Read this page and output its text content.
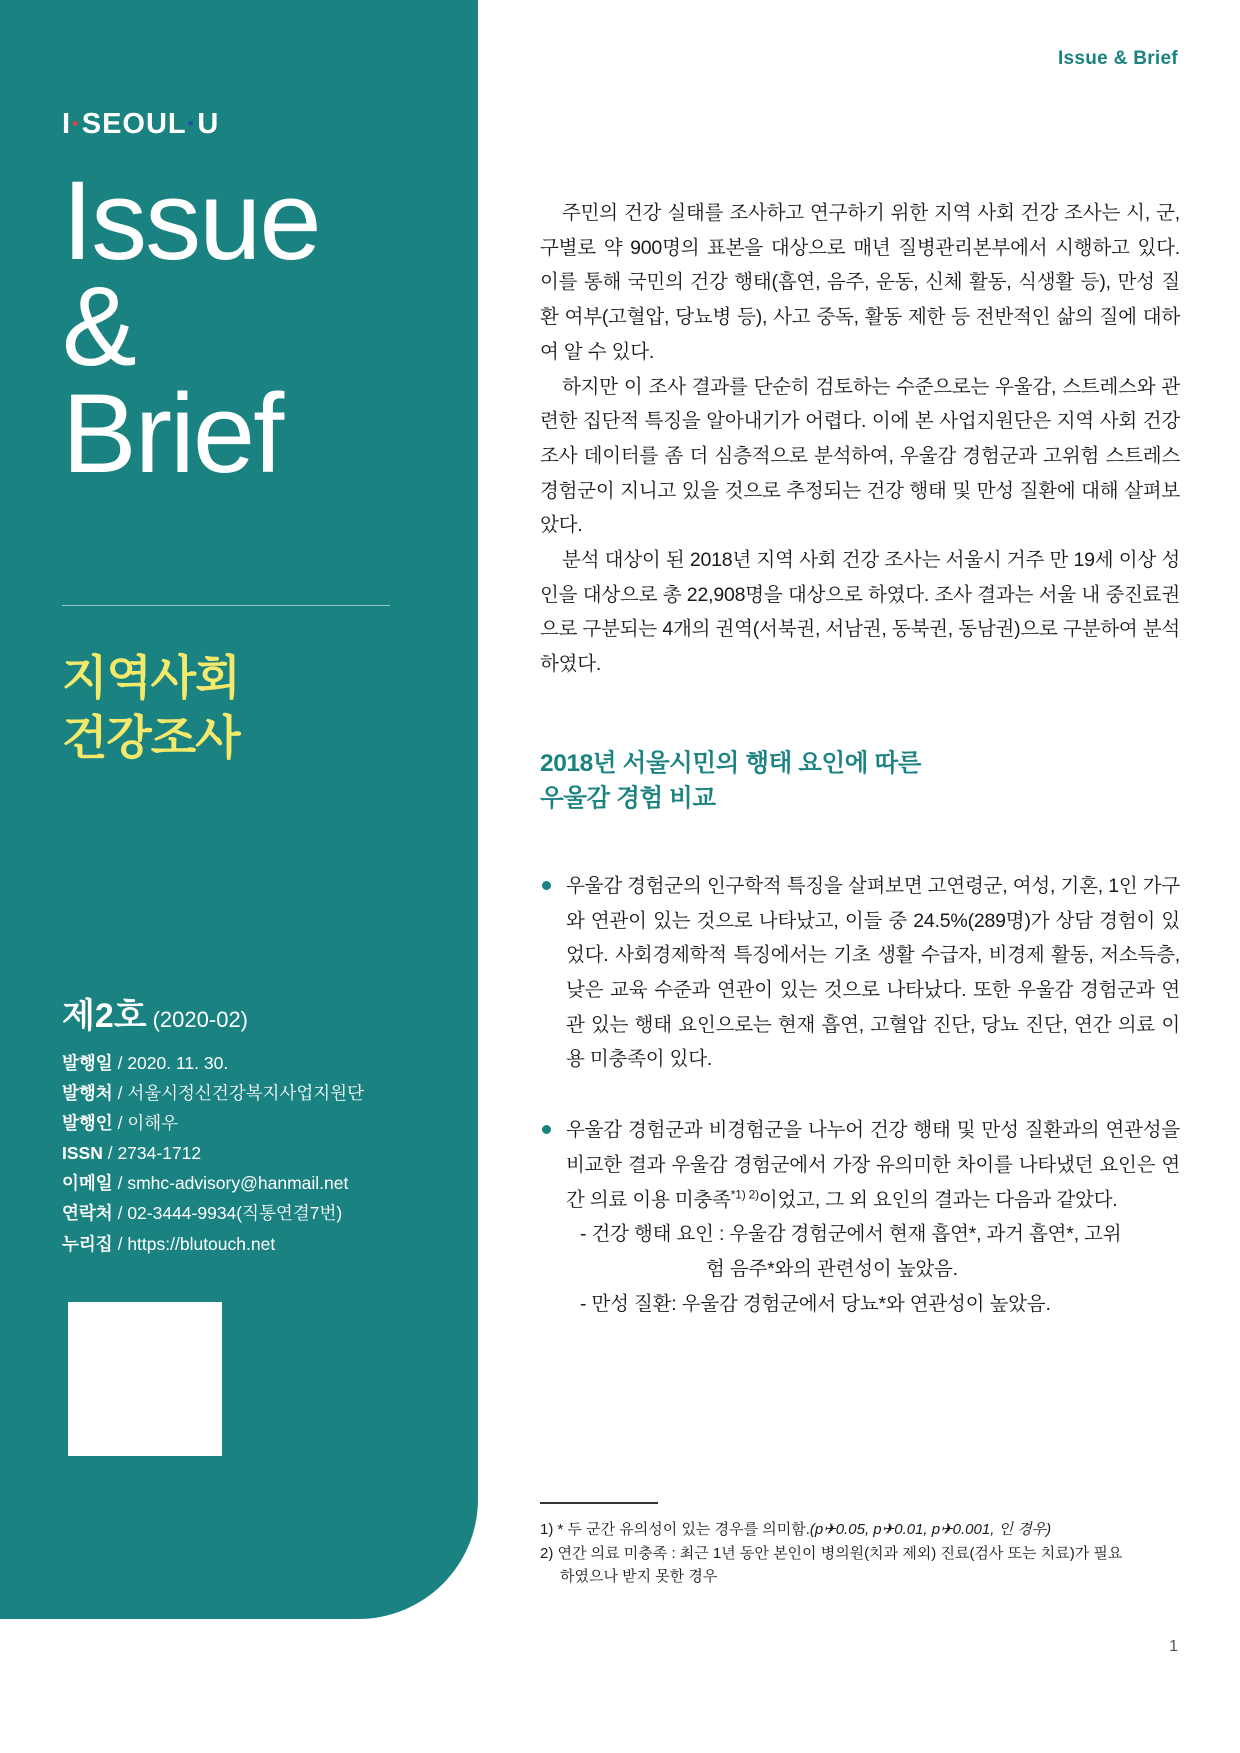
I·SEOUL·U
Issue
&
Brief
지역사회
건강조사
제2호 (2020-02)
발행일 / 2020. 11. 30.
발행처 / 서울시정신건강복지사업지원단
발행인 / 이해우
ISSN / 2734-1712
이메일 / smhc-advisory@hanmail.net
연락처 / 02-3444-9934(직통연결7번)
누리집 / https://blutouch.net
Issue & Brief

주민의 건강 실태를 조사하고 연구하기 위한 지역 사회 건강 조사는 시, 군, 구별로 약 900명의 표본을 대상으로 매년 질병관리본부에서 시행하고 있다. 이를 통해 국민의 건강 행태(흡연, 음주, 운동, 신체 활동, 식생활 등), 만성 질환 여부(고혈압, 당뇨병 등), 사고 중독, 활동 제한 등 전반적인 삶의 질에 대하여 알 수 있다.

하지만 이 조사 결과를 단순히 검토하는 수준으로는 우울감, 스트레스와 관련한 집단적 특징을 알아내기가 어렵다. 이에 본 사업지원단은 지역 사회 건강 조사 데이터를 좀 더 심층적으로 분석하여, 우울감 경험군과 고위험 스트레스 경험군이 지니고 있을 것으로 추정되는 건강 행태 및 만성 질환에 대해 살펴보았다.

분석 대상이 된 2018년 지역 사회 건강 조사는 서울시 거주 만 19세 이상 성인을 대상으로 총 22,908명을 대상으로 하였다. 조사 결과는 서울 내 중진료권으로 구분되는 4개의 권역(서북권, 서남권, 동북권, 동남권)으로 구분하여 분석하였다.

2018년 서울시민의 행태 요인에 따른
우울감 경험 비교
우울감 경험군의 인구학적 특징을 살펴보면 고연령군, 여성, 기혼, 1인 가구와 연관이 있는 것으로 나타났고, 이들 중 24.5%(289명)가 상담 경험이 있었다. 사회경제학적 특징에서는 기초 생활 수급자, 비경제 활동, 저소득층, 낮은 교육 수준과 연관이 있는 것으로 나타났다. 또한 우울감 경험군과 연관 있는 행태 요인으로는 현재 흡연, 고혈압 진단, 당뇨 진단, 연간 의료 이용 미충족이 있다.
우울감 경험군과 비경험군을 나누어 건강 행태 및 만성 질환과의 연관성을 비교한 결과 우울감 경험군에서 가장 유의미한 차이를 나타냈던 요인은 연간 의료 이용 미충족$^{*1) 2)}$이었고, 그 외 요인의 결과는 다음과 같았다.
- 건강 행태 요인 : 우울감 경험군에서 현재 흡연*, 과거 흡연*, 고위
험 음주*와의 관련성이 높았음.
- 만성 질환: 우울감 경험군에서 당뇨*와 연관성이 높았음.
1) * 두 군간 유의성이 있는 경우를 의미함.(p✈0.05, p✈0.01, p✈0.001, 인 경우)
2) 연간 의료 미충족 : 최근 1년 동안 본인이 병의원(치과 제외) 진료(검사 또는 치료)가 필요
하였으나 받지 못한 경우
1
